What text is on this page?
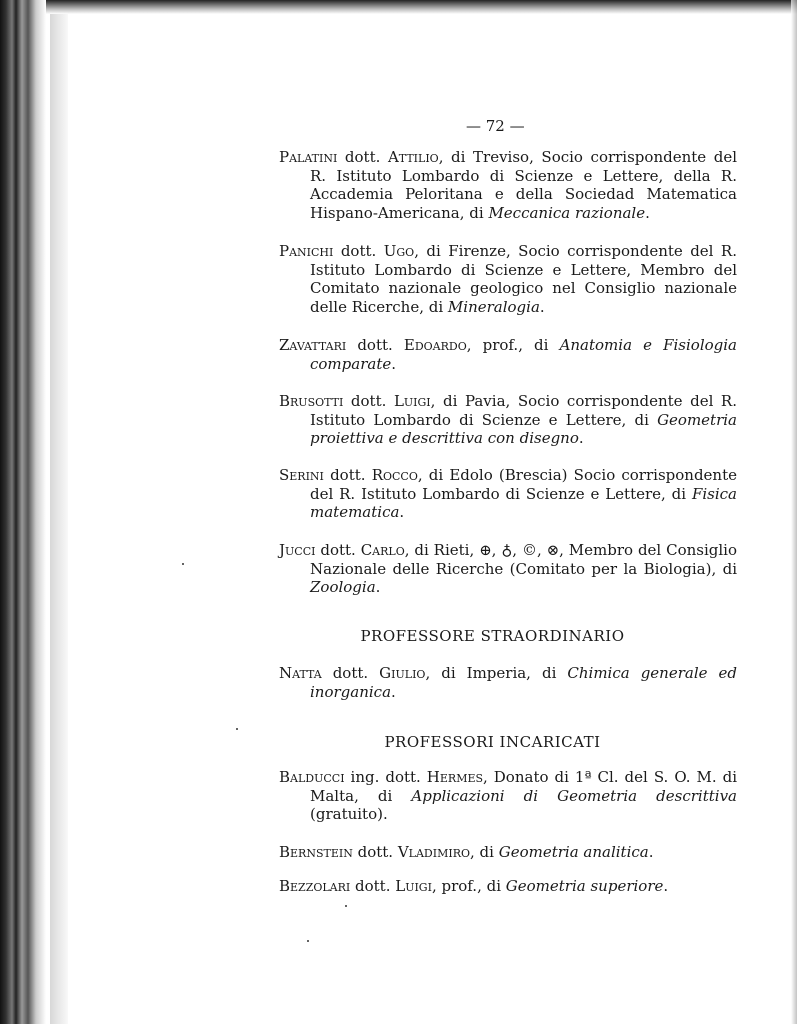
— 72 —
Palatini dott. Attilio, di Treviso, Socio corrispondente del R. Istituto Lombardo di Scienze e Lettere, della R. Accademia Peloritana e della Sociedad Matematica Hispano-Americana, di Meccanica razionale.
Panichi dott. Ugo, di Firenze, Socio corrispondente del R. Istituto Lombardo di Scienze e Lettere, Membro del Comitato nazionale geologico nel Consiglio nazionale delle Ricerche, di Mineralogia.
Zavattari dott. Edoardo, prof., di Anatomia e Fisiologia comparate.
Brusotti dott. Luigi, di Pavia, Socio corrispondente del R. Istituto Lombardo di Scienze e Lettere, di Geometria proiettiva e descrittiva con disegno.
Serini dott. Rocco, di Edolo (Brescia) Socio corrispondente del R. Istituto Lombardo di Scienze e Lettere, di Fisica matematica.
Jucci dott. Carlo, di Rieti, ⊕, ♁, ©, ⊗, Membro del Consiglio Nazionale delle Ricerche (Comitato per la Biologia), di Zoologia.
PROFESSORE STRAORDINARIO
Natta dott. Giulio, di Imperia, di Chimica generale ed inorganica.
PROFESSORI INCARICATI
Balducci ing. dott. Hermes, Donato di 1ª Cl. del S. O. M. di Malta, di Applicazioni di Geometria descrittiva (gratuito).
Bernstein dott. Vladimiro, di Geometria analitica.
Bezzolari dott. Luigi, prof., di Geometria superiore.
